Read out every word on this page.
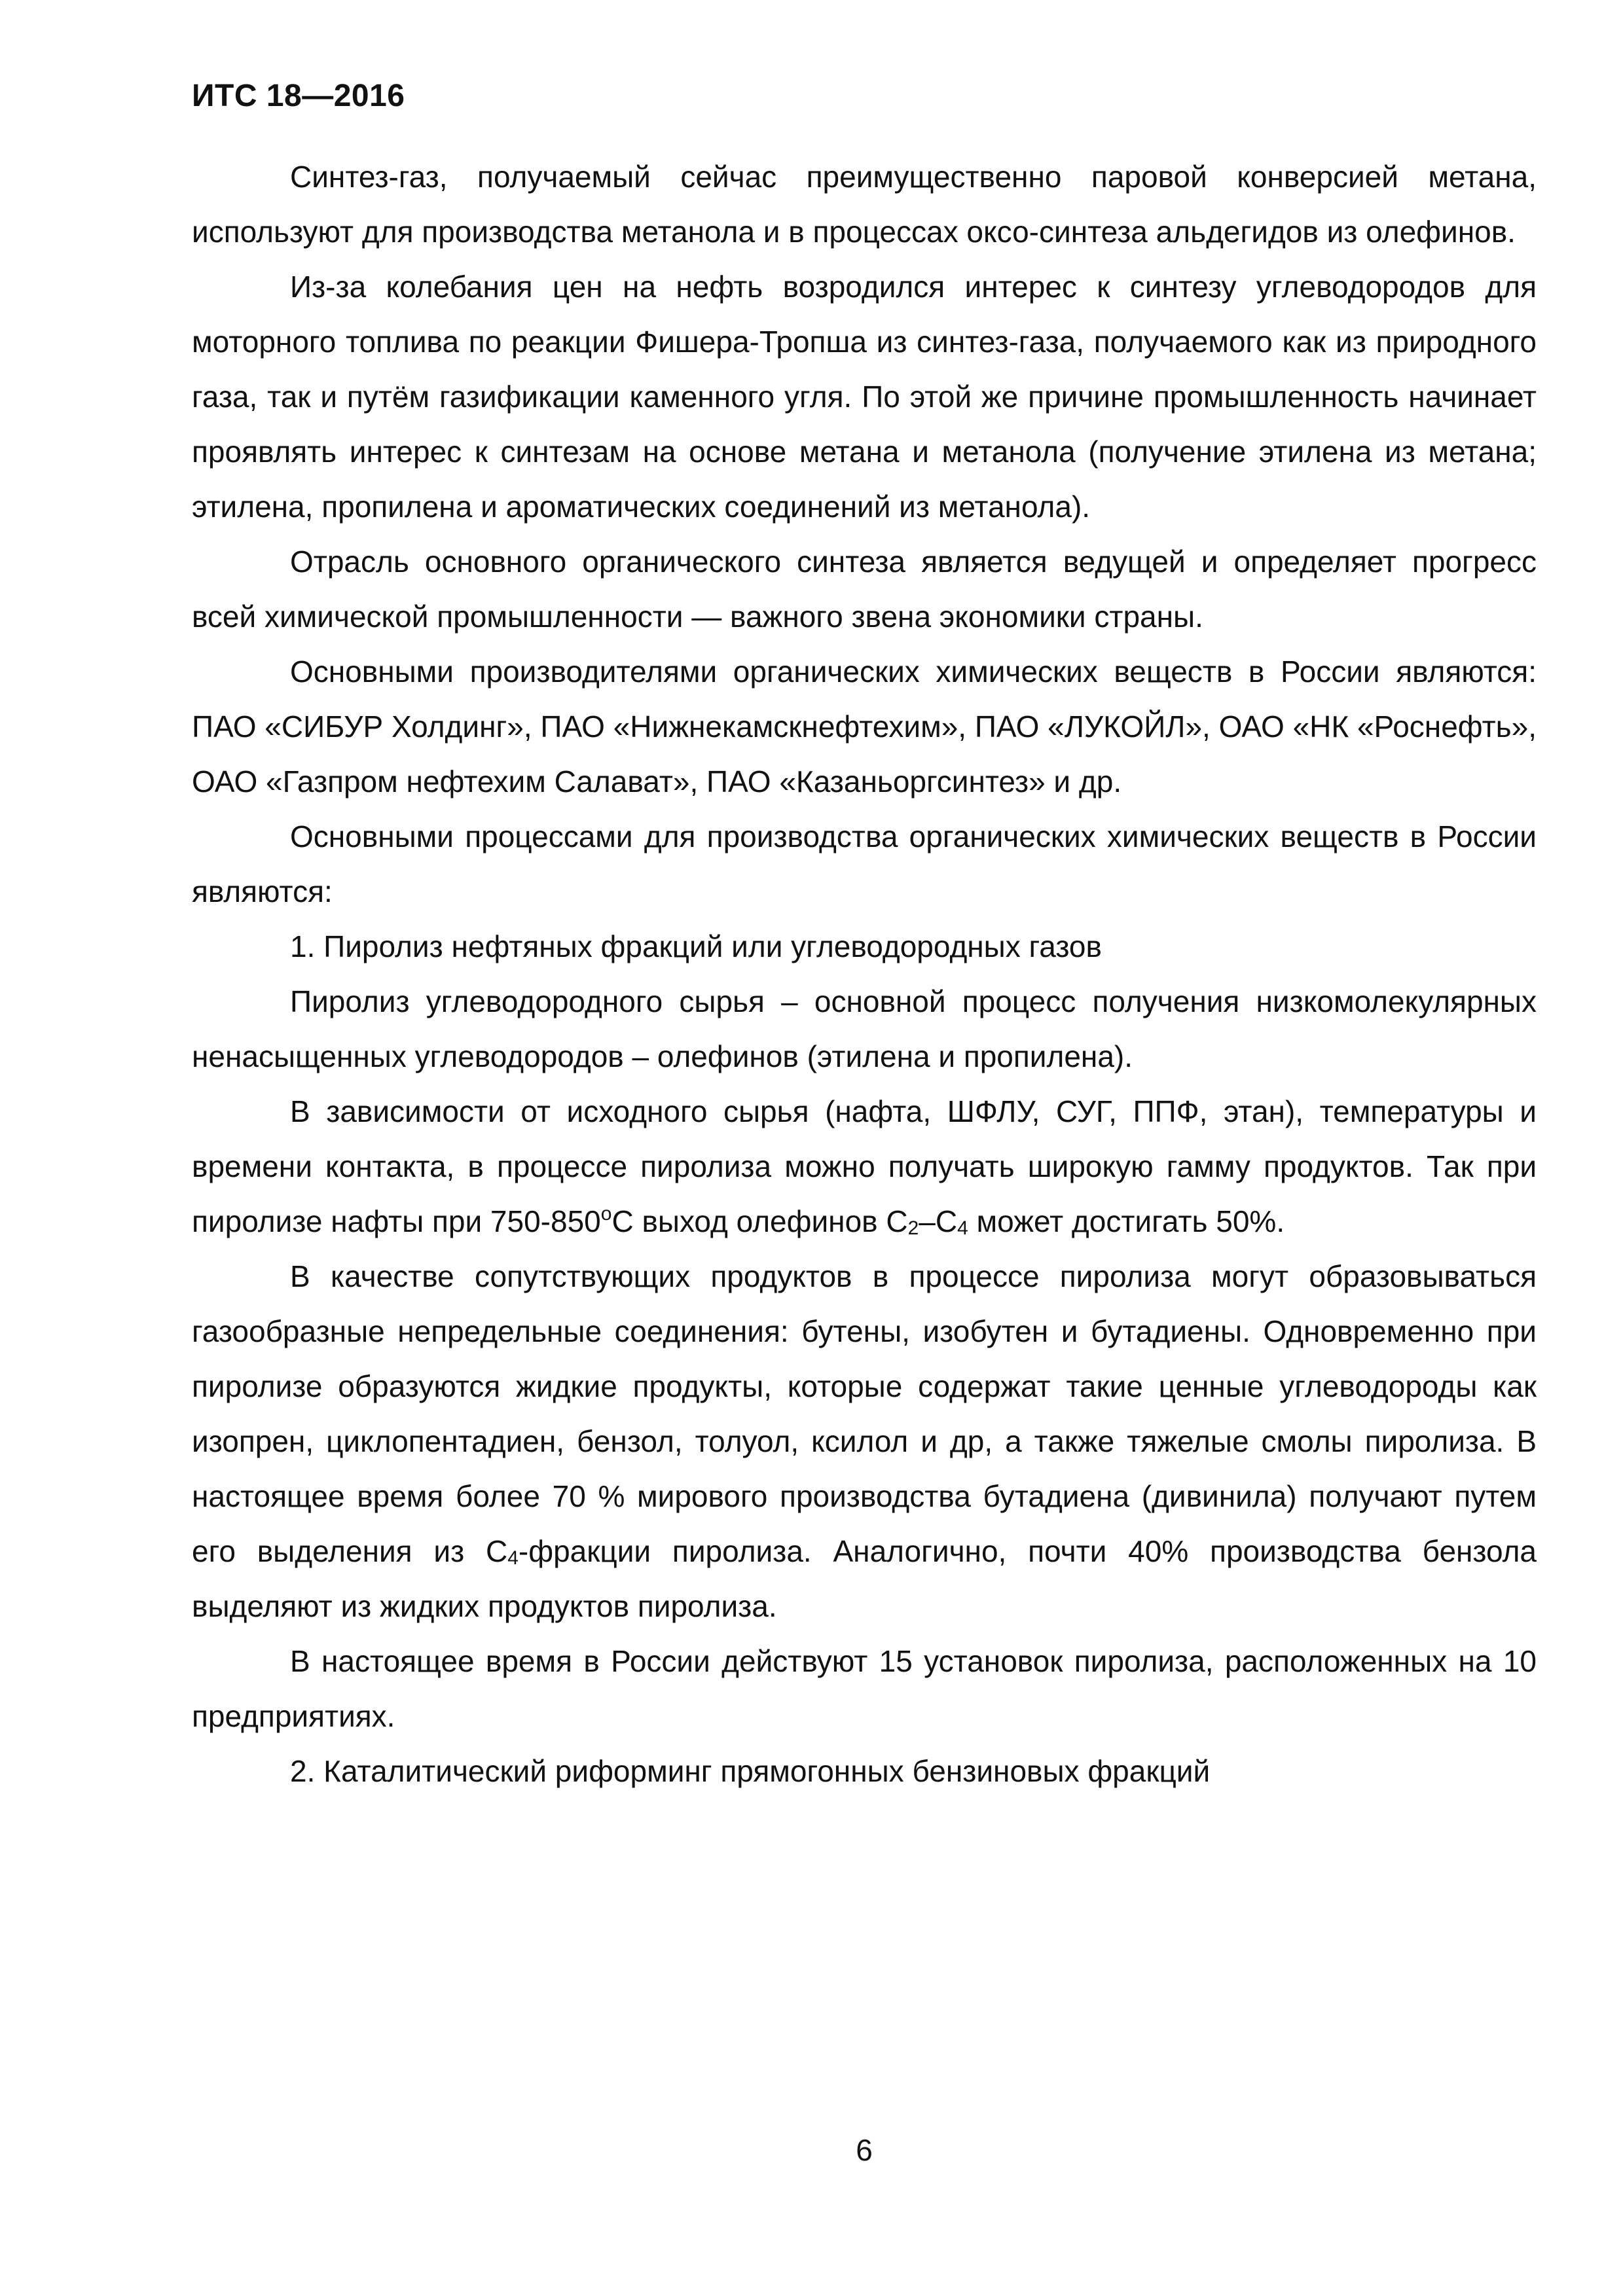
ИТС 18—2016

Синтез-газ, получаемый сейчас преимущественно паровой конверсией метана, используют для производства метанола и в процессах оксо-синтеза альдегидов из олефинов.

Из-за колебания цен на нефть возродился интерес к синтезу углеводородов для моторного топлива по реакции Фишера-Тропша из синтез-газа, получаемого как из природного газа, так и путём газификации каменного угля. По этой же причине промышленность начинает проявлять интерес к синтезам на основе метана и метанола (получение этилена из метана; этилена, пропилена и ароматических соединений из метанола).

Отрасль основного органического синтеза является ведущей и определяет прогресс всей химической промышленности — важного звена экономики страны.

Основными производителями органических химических веществ в России являются: ПАО «СИБУР Холдинг», ПАО «Нижнекамскнефтехим», ПАО «ЛУКОЙЛ», ОАО «НК «Роснефть», ОАО «Газпром нефтехим Салават», ПАО «Казаньоргсинтез» и др.

Основными процессами для производства органических химических веществ в России являются:

1. Пиролиз нефтяных фракций или углеводородных газов

Пиролиз углеводородного сырья – основной процесс получения низкомолекулярных ненасыщенных углеводородов – олефинов (этилена и пропилена).

В зависимости от исходного сырья (нафта, ШФЛУ, СУГ, ППФ, этан), температуры и времени контакта, в процессе пиролиза можно получать широкую гамму продуктов. Так при пиролизе нафты при $750-850^оС$ выход олефинов $С_2-С_4$ может достигать 50%.

В качестве сопутствующих продуктов в процессе пиролиза могут образовываться газообразные непредельные соединения: бутены, изобутен и бутадиены. Одновременно при пиролизе образуются жидкие продукты, которые содержат такие ценные углеводороды как изопрен, циклопентадиен, бензол, толуол, ксилол и др, а также тяжелые смолы пиролиза. В настоящее время более 70 % мирового производства бутадиена (дивинила) получают путем его выделения из $С_4$-фракции пиролиза. Аналогично, почти 40% производства бензола выделяют из жидких продуктов пиролиза.

В настоящее время в России действуют 15 установок пиролиза, расположенных на 10 предприятиях.

2. Каталитический риформинг прямогонных бензиновых фракций

6
